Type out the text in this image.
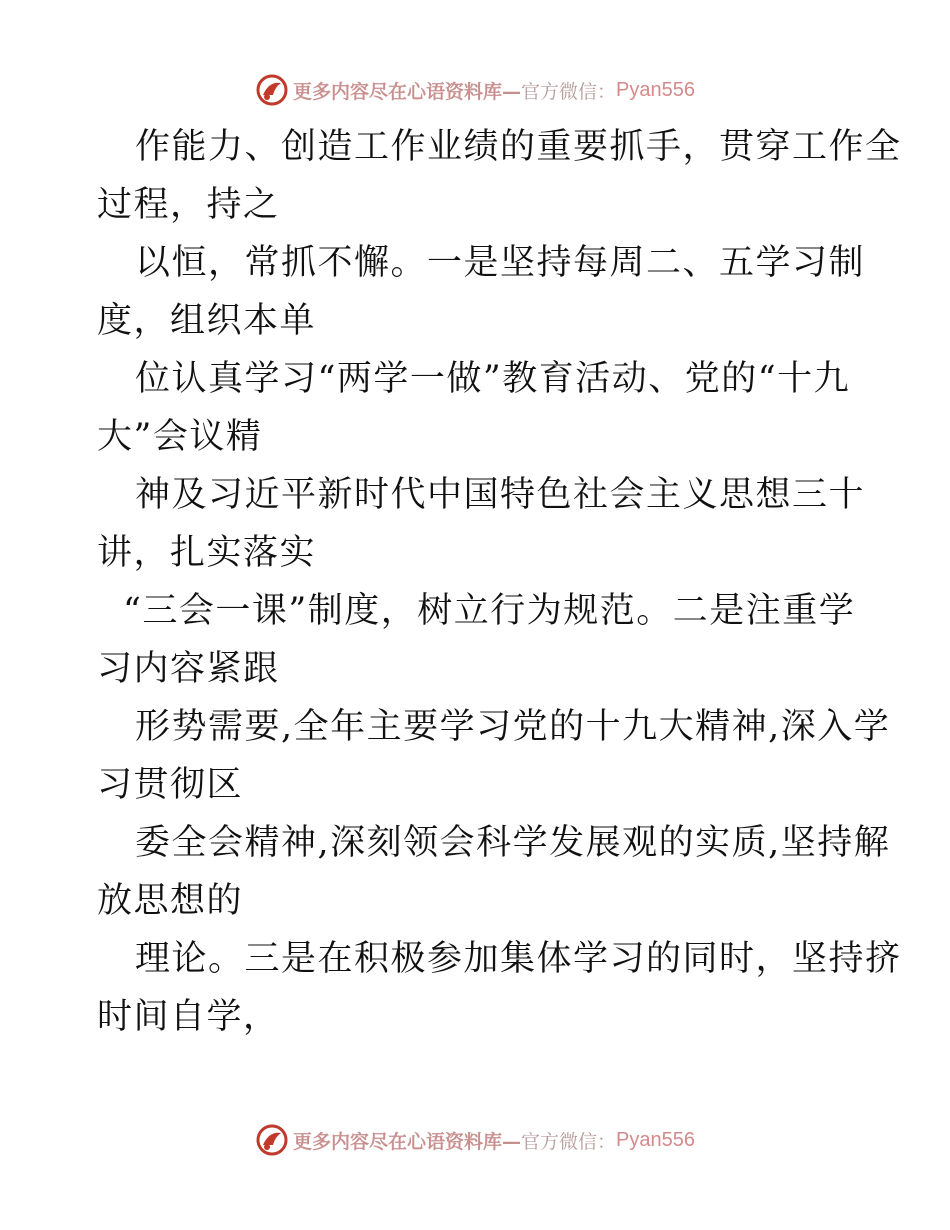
更多内容尽在心语资料库— 官方微信： Pyan556
作能力、创造工作业绩的重要抓手，贯穿工作全
过程，持之
以恒，常抓不懈。一是坚持每周二、五学习制
度，组织本单
位认真学习“两学一做”教育活动、党的“十九
大”会议精
神及习近平新时代中国特色社会主义思想三十
讲，扎实落实
“三会一课”制度，树立行为规范。二是注重学
习内容紧跟
形势需要,全年主要学习党的十九大精神,深入学
习贯彻区
委全会精神,深刻领会科学发展观的实质,坚持解
放思想的
理论。三是在积极参加集体学习的同时，坚持挤
时间自学，
更多内容尽在心语资料库— 官方微信： Pyan556
